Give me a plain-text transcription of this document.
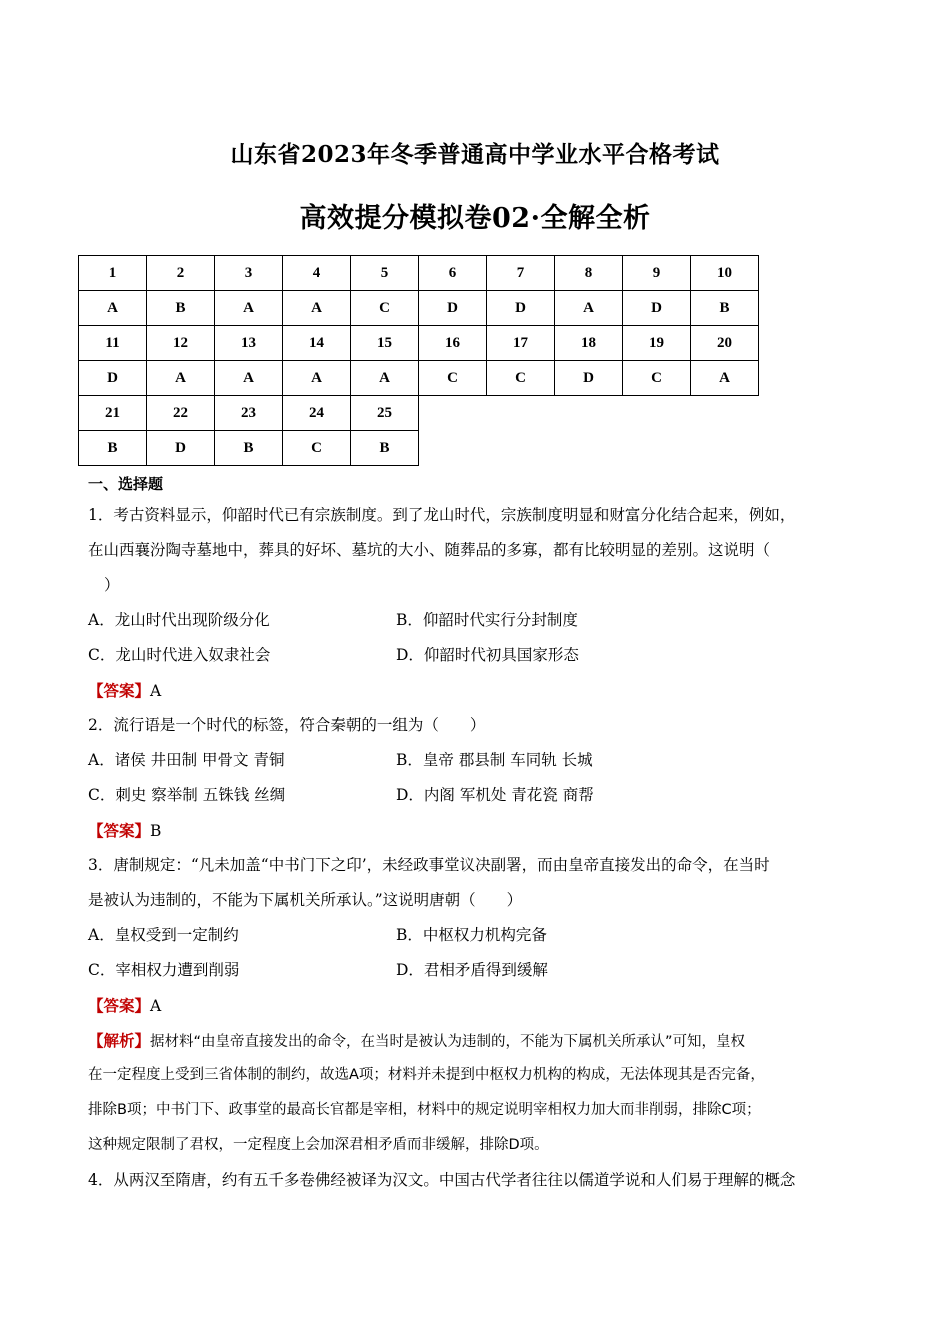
山东省2023年冬季普通高中学业水平合格考试
高效提分模拟卷02·全解全析
1	2	3	4	5	6	7	8	9	10
A	B	A	A	C	D	D	A	D	B
11	12	13	14	15	16	17	18	19	20
D	A	A	A	A	C	C	D	C	A
21	22	23	24	25					
B	D	B	C	B					
一、选择题
1．考古资料显示，仰韶时代已有宗族制度。到了龙山时代，宗族制度明显和财富分化结合起来，例如，
在山西襄汾陶寺墓地中，葬具的好坏、墓坑的大小、随葬品的多寡，都有比较明显的差别。这说明（
）
A．龙山时代出现阶级分化	B．仰韶时代实行分封制度
C．龙山时代进入奴隶社会	D．仰韶时代初具国家形态
【答案】A
2．流行语是一个时代的标签，符合秦朝的一组为（　　）
A．诸侯 井田制 甲骨文 青铜	B．皇帝 郡县制 车同轨 长城
C．刺史 察举制 五铢钱 丝绸	D．内阁 军机处 青花瓷 商帮
【答案】B
3．唐制规定：“凡未加盖“中书门下之印’，未经政事堂议决副署，而由皇帝直接发出的命令，在当时
是被认为违制的，不能为下属机关所承认。”这说明唐朝（　　）
A．皇权受到一定制约	B．中枢权力机构完备
C．宰相权力遭到削弱	D．君相矛盾得到缓解
【答案】A
【解析】据材料“由皇帝直接发出的命令，在当时是被认为违制的，不能为下属机关所承认”可知，皇权
在一定程度上受到三省体制的制约，故选A项；材料并未提到中枢权力机构的构成，无法体现其是否完备，
排除B项；中书门下、政事堂的最高长官都是宰相，材料中的规定说明宰相权力加大而非削弱，排除C项；
这种规定限制了君权，一定程度上会加深君相矛盾而非缓解，排除D项。
4．从两汉至隋唐，约有五千多卷佛经被译为汉文。中国古代学者往往以儒道学说和人们易于理解的概念
